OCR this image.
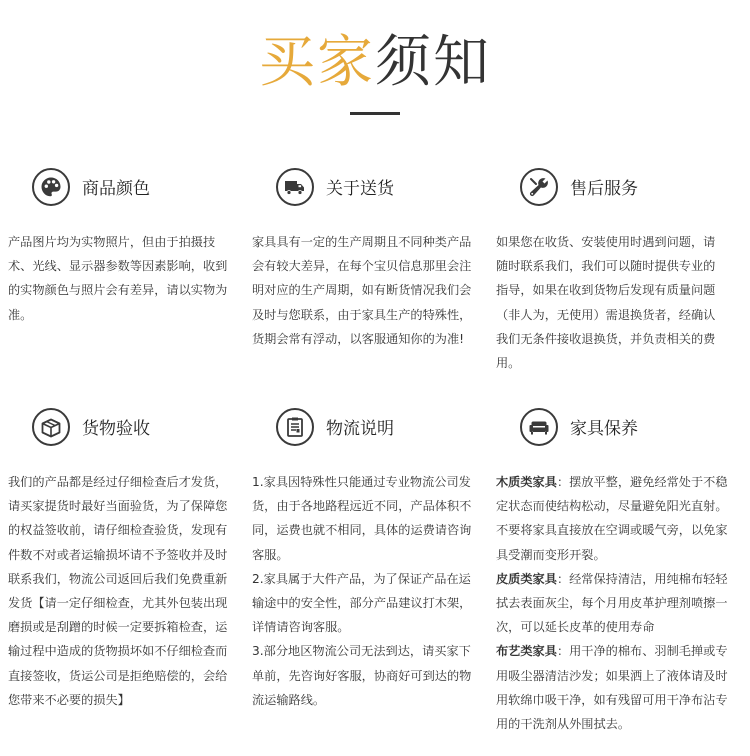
买家须知
商品颜色

产品图片均为实物照片，但由于拍摄技术、光线、显示器参数等因素影响，收到的实物颜色与照片会有差异，请以实物为准。

关于送货

家具具有一定的生产周期且不同种类产品会有较大差异，在每个宝贝信息那里会注明对应的生产周期，如有断货情况我们会及时与您联系，由于家具生产的特殊性，货期会常有浮动，以客服通知你的为准!

售后服务

如果您在收货、安装使用时遇到问题，请随时联系我们，我们可以随时提供专业的指导，如果在收到货物后发现有质量问题（非人为，无使用）需退换货者，经确认我们无条件接收退换货，并负责相关的费用。

货物验收

我们的产品都是经过仔细检查后才发货，请买家提货时最好当面验货，为了保障您的权益签收前，请仔细检查验货，发现有件数不对或者运输损坏请不予签收并及时联系我们，物流公司返回后我们免费重新发货【请一定仔细检查，尤其外包装出现磨损或是刮蹭的时候一定要拆箱检查，运输过程中造成的货物损坏如不仔细检查而直接签收，货运公司是拒绝赔偿的，会给您带来不必要的损失】

物流说明

1.家具因特殊性只能通过专业物流公司发货，由于各地路程远近不同，产品体积不同，运费也就不相同，具体的运费请咨询客服。

2.家具属于大件产品，为了保证产品在运输途中的安全性，部分产品建议打木架，详情请咨询客服。

3.部分地区物流公司无法到达，请买家下单前，先咨询好客服，协商好可到达的物流运输路线。

家具保养

木质类家具：摆放平整，避免经常处于不稳定状态而使结构松动，尽量避免阳光直射。不要将家具直接放在空调或暖气旁，以免家具受潮而变形开裂。

皮质类家具：经常保持清洁，用纯棉布轻轻拭去表面灰尘，每个月用皮革护理剂喷擦一次，可以延长皮革的使用寿命

布艺类家具：用干净的棉布、羽制毛掸或专用吸尘器清洁沙发；如果洒上了液体请及时用软绵巾吸干净，如有残留可用干净布沾专用的干洗剂从外围拭去。
